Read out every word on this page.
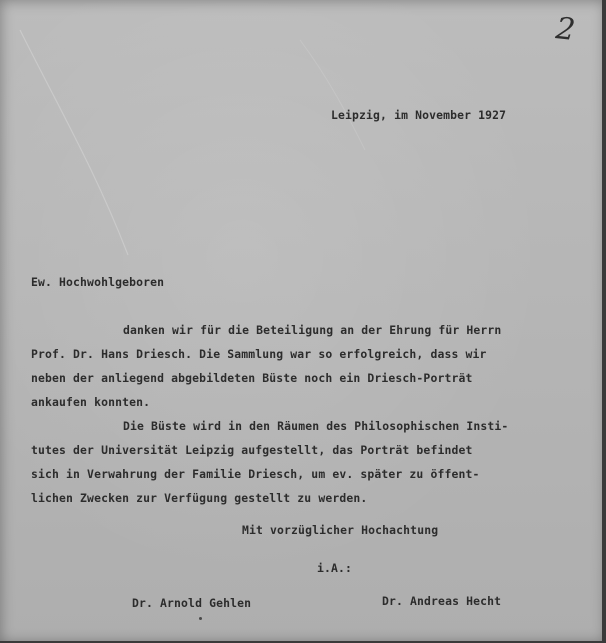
2
Leipzig, im November 1927
Ew. Hochwohlgeboren
danken wir für die Beteiligung an der Ehrung für Herrn
Prof. Dr. Hans Driesch. Die Sammlung war so erfolgreich, dass wir
neben der anliegend abgebildeten Büste noch ein Driesch-Porträt
ankaufen konnten.
Die Büste wird in den Räumen des Philosophischen Insti-
tutes der Universität Leipzig aufgestellt, das Porträt befindet
sich in Verwahrung der Familie Driesch, um ev. später zu öffent-
lichen Zwecken zur Verfügung gestellt zu werden.
Mit vorzüglicher Hochachtung
i.A.:
Dr. Arnold Gehlen	Dr. Andreas Hecht
